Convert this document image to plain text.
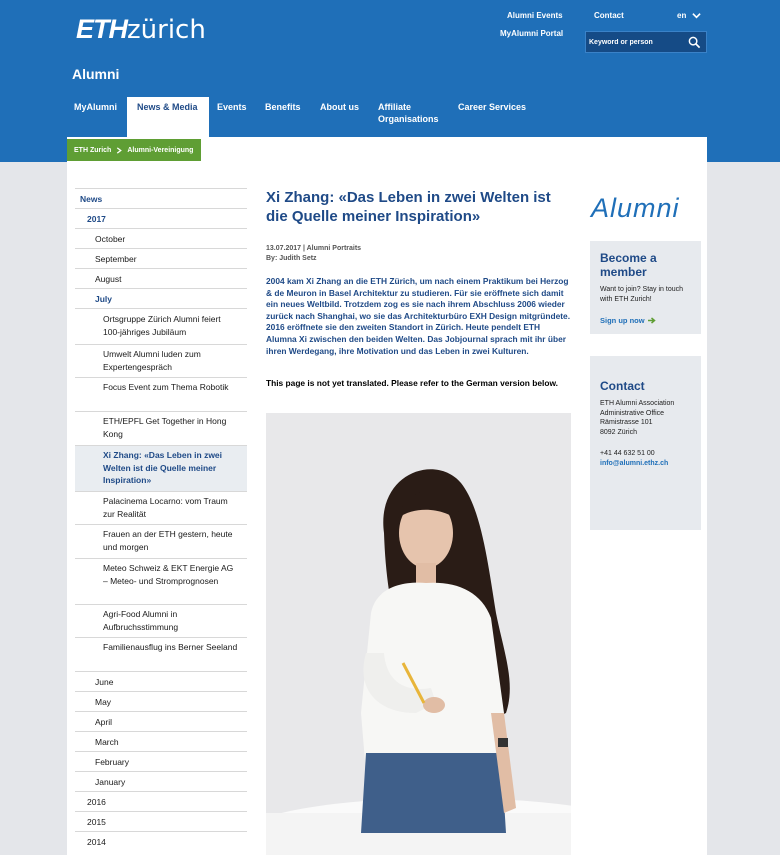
ETHzürich	Alumni Events
MyAlumni Portal
Contact	en
Keyword or person
Alumni
MyAlumni	News & Media	Events Benefits About us Affiliate Organisations
Career Services
ETH Zurich Alumni-Vereinigung
News
2017
October
September
August
July
Ortsgruppe Zürich Alumni feiert 100-jähriges Jubiläum
Umwelt Alumni luden zum Expertengespräch
Focus Event zum Thema Robotik
ETH/EPFL Get Together in Hong Kong
Xi Zhang: «Das Leben in zwei Welten ist die Quelle meiner Inspiration»
Palacinema Locarno: vom Traum zur Realität
Frauen an der ETH gestern, heute und morgen
Meteo Schweiz & EKT Energie AG – Meteo- und Stromprognosen
Agri-Food Alumni in Aufbruchsstimmung
Familienausflug ins Berner Seeland
June
May
April
March
February
January
2016
2015
2014
Xi Zhang: «Das Leben in zwei Welten ist die Quelle meiner Inspiration»
13.07.2017 | Alumni Portraits
By: Judith Setz

2004 kam Xi Zhang an die ETH Zürich, um nach einem Praktikum bei Herzog & de Meuron in Basel Architektur zu studieren. Für sie eröffnete sich damit ein neues Weltbild. Trotzdem zog es sie nach ihrem Abschluss 2006 wieder zurück nach Shanghai, wo sie das Architekturbüro EXH Design mitgründete. 2016 eröffnete sie den zweiten Standort in Zürich. Heute pendelt ETH Alumna Xi zwischen den beiden Welten. Das Jobjournal sprach mit ihr über ihren Werdegang, ihre Motivation und das Leben in zwei Kulturen.

This page is not yet translated. Please refer to the German version below.

Alumni
Become a member

Want to join? Stay in touch with ETH Zurich!

Sign up now
Contact

ETH Alumni Association

Administrative Office

Rämistrasse 101

8092 Zürich

+41 44 632 51 00

info@alumni.ethz.ch
